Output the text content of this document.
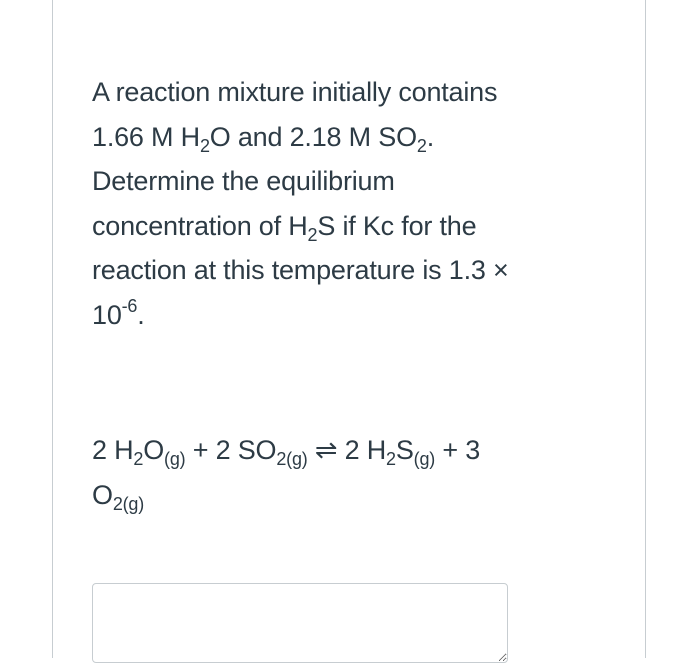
A reaction mixture initially contains
1.66 M $H_2O$ and 2.18 M $SO_2$.
Determine the equilibrium
concentration of $H_2S$ if Kc for the
reaction at this temperature is 1.3 ×
$10^{-6}$.
2 $H_2O_{(g)} + 2$ $SO_{2(g)}$ ⇌ 2 $H_2S_{(g)} + 3$
$O_{2(g)}$
